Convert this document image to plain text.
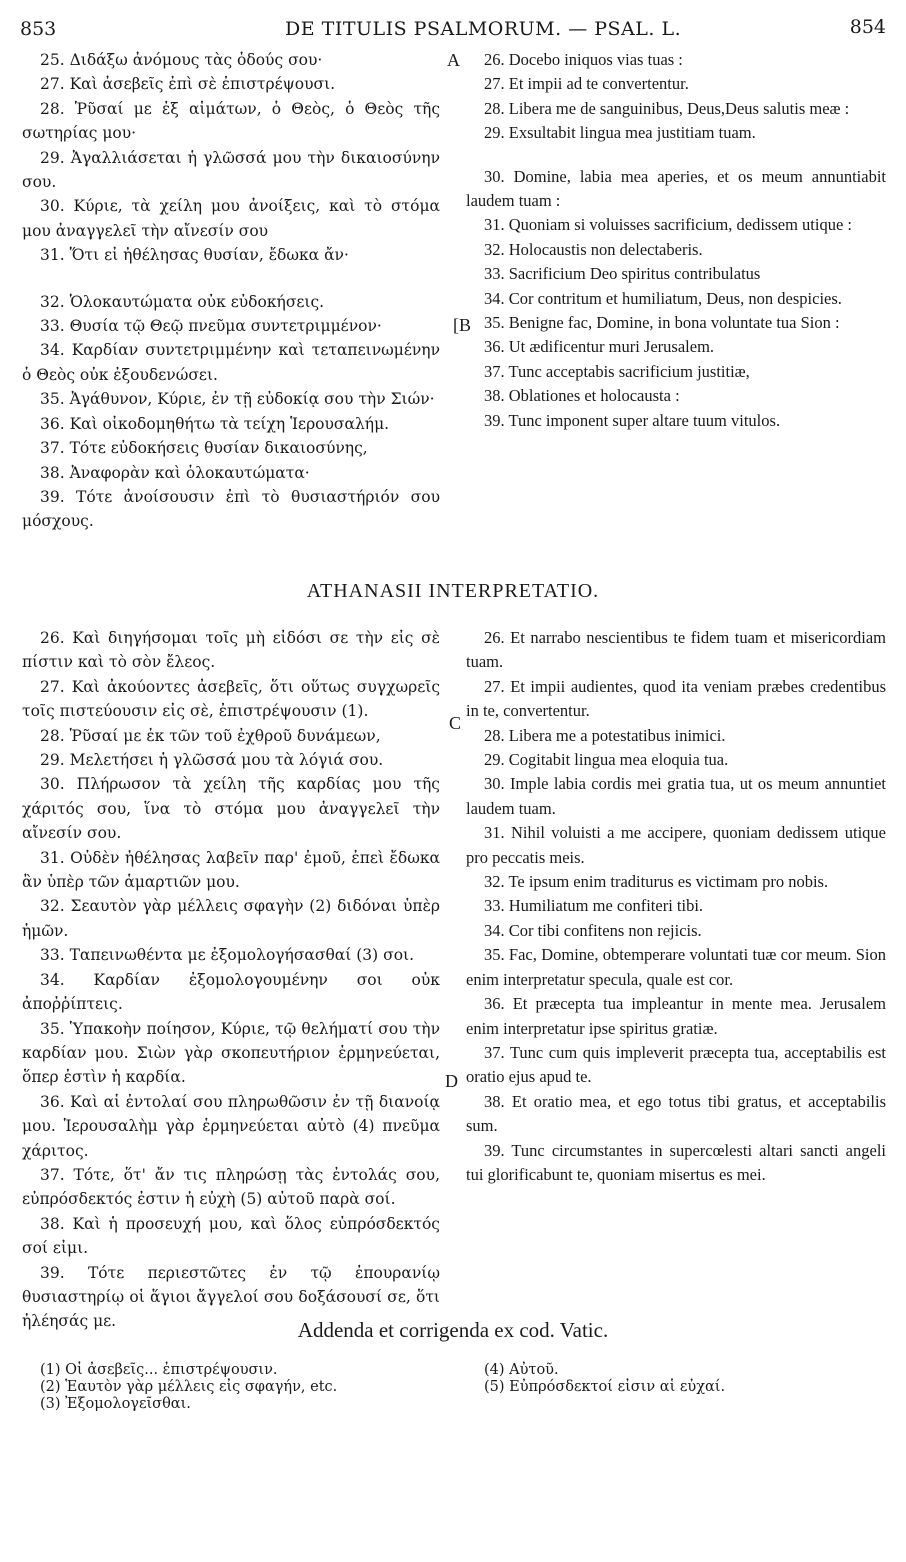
853	DE TITULIS PSALMORUM. — PSAL. L.	854

25. Διδάξω ἀνόμους τὰς ὁδούς σου·

27. Καὶ ἀσεβεῖς ἐπὶ σὲ ἐπιστρέψουσι.

28. Ῥῦσαί με ἐξ αἱμάτων, ὁ Θεὸς, ὁ Θεὸς τῆς σωτηρίας μου·

29. Ἀγαλλιάσεται ἡ γλῶσσά μου τὴν δικαιοσύνην σου.

30. Κύριε, τὰ χείλη μου ἀνοίξεις, καὶ τὸ στόμα μου ἀναγγελεῖ τὴν αἴνεσίν σου

31. Ὅτι εἰ ἠθέλησας θυσίαν, ἔδωκα ἄν·

32. Ὁλοκαυτώματα οὐκ εὐδοκήσεις.

33. Θυσία τῷ Θεῷ πνεῦμα συντετριμμένον·

34. Καρδίαν συντετριμμένην καὶ τεταπεινωμένην ὁ Θεὸς οὐκ ἐξουδενώσει.

35. Ἀγάθυνον, Κύριε, ἐν τῇ εὐδοκίᾳ σου τὴν Σιών·

36. Καὶ οἰκοδομηθήτω τὰ τείχη Ἱερουσαλήμ.

37. Τότε εὐδοκήσεις θυσίαν δικαιοσύνης,

38. Ἀναφορὰν καὶ ὁλοκαυτώματα·

39. Τότε ἀνοίσουσιν ἐπὶ τὸ θυσιαστήριόν σου μόσχους.

26. Docebo iniquos vias tuas :

27. Et impii ad te convertentur.

28. Libera me de sanguinibus, Deus,Deus salutis meæ :

29. Exsultabit lingua mea justitiam tuam.

30. Domine, labia mea aperies, et os meum annuntiabit laudem tuam :

31. Quoniam si voluisses sacrificium, dedissem utique :

32. Holocaustis non delectaberis.

33. Sacrificium Deo spiritus contribulatus

34. Cor contritum et humiliatum, Deus, non despicies.

35. Benigne fac, Domine, in bona voluntate tua Sion :

36. Ut ædificentur muri Jerusalem.

37. Tunc acceptabis sacrificium justitiæ,

38. Oblationes et holocausta :

39. Tunc imponent super altare tuum vitulos.

A
[B
ATHANASII INTERPRETATIO.

26. Καὶ διηγήσομαι τοῖς μὴ εἰδόσι σε τὴν εἰς σὲ πίστιν καὶ τὸ σὸν ἔλεος.

27. Καὶ ἀκούοντες ἀσεβεῖς, ὅτι οὕτως συγχωρεῖς τοῖς πιστεύουσιν εἰς σὲ, ἐπιστρέψουσιν (1).

28. Ῥῦσαί με ἐκ τῶν τοῦ ἐχθροῦ δυνάμεων,

29. Μελετήσει ἡ γλῶσσά μου τὰ λόγιά σου.

30. Πλήρωσον τὰ χείλη τῆς καρδίας μου τῆς χάριτός σου, ἵνα τὸ στόμα μου ἀναγγελεῖ τὴν αἴνεσίν σου.

31. Οὐδὲν ἠθέλησας λαβεῖν παρ' ἐμοῦ, ἐπεὶ ἔδωκα ἂν ὑπὲρ τῶν ἁμαρτιῶν μου.

32. Σεαυτὸν γὰρ μέλλεις σφαγὴν (2) διδόναι ὑπὲρ ἡμῶν.

33. Ταπεινωθέντα με ἐξομολογήσασθαί (3) σοι.

34. Καρδίαν ἐξομολογουμένην σοι οὐκ ἀποῤῥίπτεις.

35. Ὑπακοὴν ποίησον, Κύριε, τῷ θελήματί σου τὴν καρδίαν μου. Σιὼν γὰρ σκοπευτήριον ἑρμηνεύεται, ὅπερ ἐστὶν ἡ καρδία.

36. Καὶ αἱ ἐντολαί σου πληρωθῶσιν ἐν τῇ διανοίᾳ μου. Ἱερουσαλὴμ γὰρ ἑρμηνεύεται αὐτὸ (4) πνεῦμα χάριτος.

37. Τότε, ὅτ' ἄν τις πληρώσῃ τὰς ἐντολάς σου, εὐπρόσδεκτός ἐστιν ἡ εὐχὴ (5) αὐτοῦ παρὰ σοί.

38. Καὶ ἡ προσευχή μου, καὶ ὅλος εὐπρόσδεκτός σοί εἰμι.

39. Τότε περιεστῶτες ἐν τῷ ἐπουρανίῳ θυσιαστηρίῳ οἱ ἅγιοι ἄγγελοί σου δοξάσουσί σε, ὅτι ἠλέησάς με.

26. Et narrabo nescientibus te fidem tuam et misericordiam tuam.

27. Et impii audientes, quod ita veniam præbes credentibus in te, convertentur.

28. Libera me a potestatibus inimici.

29. Cogitabit lingua mea eloquia tua.

30. Imple labia cordis mei gratia tua, ut os meum annuntiet laudem tuam.

31. Nihil voluisti a me accipere, quoniam dedissem utique pro peccatis meis.

32. Te ipsum enim traditurus es victimam pro nobis.

33. Humiliatum me confiteri tibi.

34. Cor tibi confitens non rejicis.

35. Fac, Domine, obtemperare voluntati tuæ cor meum. Sion enim interpretatur specula, quale est cor.

36. Et præcepta tua impleantur in mente mea. Jerusalem enim interpretatur ipse spiritus gratiæ.

37. Tunc cum quis impleverit præcepta tua, acceptabilis est oratio ejus apud te.

38. Et oratio mea, et ego totus tibi gratus, et acceptabilis sum.

39. Tunc circumstantes in supercœlesti altari sancti angeli tui glorificabunt te, quoniam misertus es mei.

C
D
Addenda et corrigenda ex cod. Vatic.
(1) Οἱ ἀσεβεῖς... ἐπιστρέψουσιν.
(2) Ἑαυτὸν γὰρ μέλλεις εἰς σφαγήν, etc.
(3) Ἐξομολογεῖσθαι.
(4) Αὐτοῦ.
(5) Εὐπρόσδεκτοί εἰσιν αἱ εὐχαί.
